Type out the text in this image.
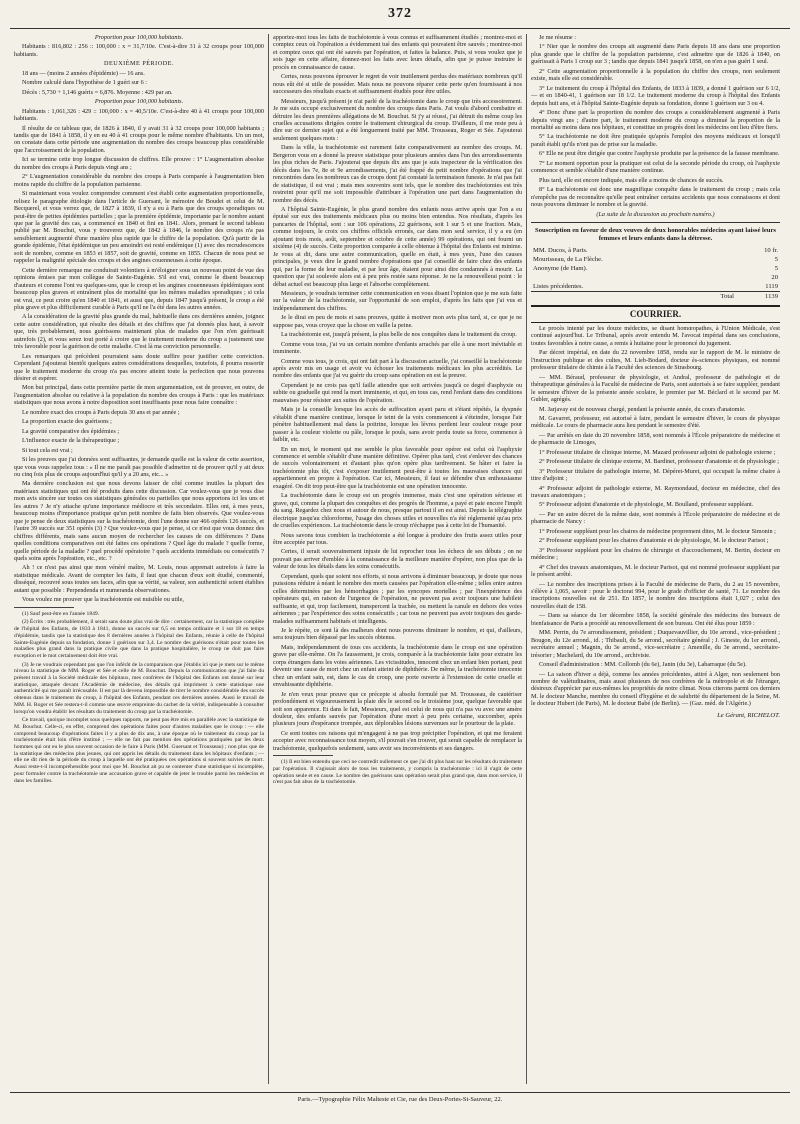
372

Proportion pour 100,000 habitants.

Habitants : 816,802 : 256 :: 100,000 : x = 31,7/10e. C'est-à-dire 31 à 32 croups pour 100,000 habitants.

DEUXIÈME PÉRIODE.

18 ans — (moins 2 années d'épidémie) — 16 ans.

Nombre calculé dans l'hypothèse de 1 guéri sur 6 :

Décès : 5,730 + 1,146 guéris = 6,876. Moyenne : 429 par an.

Proportion pour 100,000 habitants.

Habitants : 1,061,326 : 429 :: 100,000 : x = 40,5/10e. C'est-à-dire 40 à 41 croups pour 100,000 habitants.

Il résulte de ce tableau que, de 1826 à 1840, il y avait 31 à 32 croups pour 100,000 habitants ; tandis que de 1841 à 1858, il y en eu 40 à 41 croups pour le même nombre d'habitants. Un un mot, on constate dans cette période une augmentation du nombre des croups beaucoup plus considérable que l'accroissement de la population.

Ici se termine cette trop longue discussion de chiffres. Elle prouve : 1° L'augmentation absolue du nombre des croups à Paris depuis vingt ans ;

2° L'augmentation considérable du nombre des croups à Paris comparée à l'augmentation bien moins rapide du chiffre de la population parisienne.

Si maintenant vous voulez comprendre comment s'est établi cette augmentation proportionnelle, relisez le paragraphe étiologie dans l'article de Guersant, le mémoire de Boudet et celui de M. Becquerel, et vous verrez que, de 1827 à 1839, il n'y a eu à Paris que des croups sporadiques ou peut-être de petites épidémies partielles ; que la première épidémie, importante par le nombre autant que par la gravité des cas, a commencé en 1840 et fini en 1841. Alors, prenant le second tableau publié par M. Bouchut, vous y trouverez que, de 1842 à 1846, le nombre des croups n'a pas sensiblement augmenté d'une manière plus rapide que le chiffre de la population. Qu'à partir de la grande épidémie, l'état épidémique un peu amoindri est resté endémique (1) avec des recrudescences soit de nombre, comme en 1853 et 1857, soit de gravité, comme en 1855. Chacun de nous peut se rappeler la malignité spéciale des croups et des angines couenneuses à cette époque.

Cette dernière remarque me conduirait volontiers à m'éloigner sous un nouveau point de vue des opinions émises par mon collègue de Sainte-Eugénie. S'il est vrai, comme le disent beaucoup d'auteurs et comme l'ont vu quelques-uns, que le croup et les angines couenneuses épidémiques sont beaucoup plus graves et entraînent plus de mortalité que les mêmes maladies sporadiques ; si cela est vrai, ce peut croire qu'en 1840 et 1841, et aussi que, depuis 1847 jusqu'à présent, le croup a été plus grave et plus difficilement curable à Paris qu'il ne l'a été dans les autres années.

A la considération de la gravité plus grande du mal, habituelle dans ces dernières années, joignez cette autre considération, qui résulte des détails et des chiffres que j'ai donnés plus haut, à savoir que, très probablement, nous guérissons maintenant plus de malades que l'on n'en guérissait autrefois (2), et vous serez tout porté à croire que le traitement moderne du croup a justement une très favorable pour la guérison de cette maladie. C'est là ma conviction personnelle.

Les remarques qui précèdent pourraient sans doute suffire pour justifier cette conviction. Cependant j'ajouterai bientôt quelques autres considérations desquelles, toutefois, il pourra ressortir que le traitement moderne du croup n'a pas encore atteint toute la perfection que nous pouvons désirer et espérer.

Mon but principal, dans cette première partie de mon argumentation, est de prouver, en outre, de l'augmentation absolue ou relative à la population du nombre des croups à Paris : que les matériaux statistiques que nous avons à notre disposition sont insuffisants pour nous faire connaître :

Le nombre exact des croups à Paris depuis 30 ans et par année ;

La proportion exacte des guérisons ;

La gravité comparative des épidémies ;

L'influence exacte de la thérapeutique ;

Si tout cela est vrai ;

Si les preuves que j'ai données sont suffisantes, je demande quelle est la valeur de cette assertion, que vous vous rappelez tous : « Il ne me paraît pas possible d'admettre ni de prouver qu'il y ait deux ou cinq fois plus de croups aujourd'hui qu'il y a 20 ans, etc... »

Ma dernière conclusion est que nous devons laisser de côté comme inutiles la plupart des matériaux statistiques qui ont été produits dans cette discussion. Car voulez-vous que je vous dise mon avis sincère sur toutes ces statistiques générales ou partielles que nous apportons ici les uns et les autres ? Je n'y attache qu'une importance médiocre et très secondaire. Elles ont, à mes yeux, beaucoup moins d'importance pratique qu'un petit nombre de faits bien observés. Que voulez-vous que je pense de deux statistiques sur la trachéotomie, dont l'une donne sur 466 opérés 126 succès, et l'autre 39 succès sur 351 opérés (3) ? Que voulez-vous que je pense, si ce n'est que vous donnez des chiffres différents, mais sans aucun moyen de rechercher les causes de ces différences ? Dans quelles conditions comparatives ont été faites ces opérations ? Quel âge du malade ? quelle forme, quelle période de la maladie ? quel procédé opératoire ? quels accidents immédiats ou consécutifs ? quels soins après l'opération, etc., etc. ?

Ah ! ce n'est pas ainsi que mon vénéré maître, M. Louis, nous apprenait autrefois à faire la statistique médicale. Avant de compter les faits, il faut que chacun d'eux soit étudié, commenté, disséqué, recouvré sous toutes ses faces, afin que sa vérité, sa valeur, son authenticité soient établies autant que possible : Perpendenda et numeranda observationes.

Vous voulez me prouver que la trachéotomie est nuisible ou utile,

(1) Sauf peut-être en l'année 1849.

(2) Écrits : très probablement, il serait sans doute plus vrai de dire : certainement, car la statistique complète de l'hôpital des Enfants, de 1833 à 1841, donne un succès sur 6,5 en temps ordinaire et 1 sur 18 en temps d'épidémie, tandis que la statistique des 8 dernières années à l'hôpital des Enfants, réunie à celle de l'hôpital Sainte-Eugénie depuis sa fondation, donne 1 guérison sur 3,4. Le nombre des guérisons n'était pour toutes les maladies plus grand dans la pratique civile que dans la pratique hospitalière, le croup ne doit pas faire exception et le mot certainement doit être vrai.

(3) Je ne voudrais cependant pas que l'on inférât de la comparaison que j'établis ici que je mets sur le même niveau la statistique de MM. Roger et Sée et celle de M. Bouchut. Depuis la communication que j'ai faite du présent travail à la Société médicale des hôpitaux, mes confrères de l'hôpital des Enfants ont donné sur leur statistique, attaquée devant l'Académie de médecine, des détails qui impriment à cette statistique une authenticité qui me paraît irrécusable. Il est par là devenu impossible de tirer le nombre considérable des succès obtenus dans le traitement du croup, à l'hôpital des Enfants, pendant ces dernières années. Aussi le travail de MM. H. Roger et Sée restera-t-il comme une œuvre empreinte du cachet de la vérité, indispensable à consulter lorsqu'on voudra établir les résultats du traitement du croup par la trachéotomie.

Ce travail, quoique incomplet sous quelques rapports, ne peut pas être mis en parallèle avec la statistique de M. Bouchut. Celle-ci, en effet, comprend des opérations faites pour d'autres maladies que le croup : — elle comprend beaucoup d'opérations faites il y a plus de dix ans, à une époque où le traitement du croup par la trachéotomie était loin d'être institué ; — elle ne fait pas mention des opérations pratiquées par les deux hommes qui ont eu le plus souvent occasion de le faire à Paris (MM. Guersant et Trousseau) ; non plus que de la statistique des médecins plus jeunes, qui ont appris les détails du traitement dans les hôpitaux d'enfants ; — elle ne dit rien de la période du croup à laquelle ont été pratiquées ces opérations si souvent suivies de mort. Aussi reste-t-il incompréhensible pour moi que M. Bouchut ait pu se contenter d'une statistique si incomplète, pour formuler contre la trachéotomie une accusation grave et capable de jeter le trouble parmi les médecins et dans les familles.

apportez-moi tous les faits de trachéotomie à vous connus et suffisamment étudiés ; montrez-moi et comptez ceux où l'opération a évidemment tué des enfants qui pouvaient être sauvés ; montrez-moi et comptez ceux qui ont été sauvés par l'opération, et faites la balance. Puis, si vous voulez que je sois juge en cette affaire, donnez-moi les faits avec leurs détails, afin que je puisse instruire le procès en connaissance de cause.

Certes, nous pouvons éprouver le regret de voir inutilement perdus des matériaux nombreux qu'il nous eût été si utile de posséder. Mais nous ne pouvons réparer cette perte qu'en fournissant à nos successeurs des résultats exacts et suffisamment étudiés pour être utiles.

Messieurs, jusqu'à présent je n'ai parlé de la trachéotomie dans le croup que très accessoirement. Je me suis occupé exclusivement du nombre des croups dans Paris. J'ai voulu d'abord combattre et détruire les deux premières allégations de M. Bouchut. Si j'y ai réussi, j'ai détruit du même coup les cruelles accusations dirigées contre le traitement chirurgical du croup. D'ailleurs, il me reste peu à dire sur ce dernier sujet qui a été longuement traité par MM. Trousseau, Roger et Sée. J'ajouterai seulement quelques mots :

Dans la ville, la trachéotomie est rarement faite comparativement au nombre des croups. M. Bergeron vous en a donné la preuve statistique pour plusieurs années dans l'un des arrondissements les plus riches de Paris. J'ajouterai que depuis dix ans que je suis inspecteur de la vérification des décès dans les 7e, 8e et 9e arrondissements, j'ai été frappé du petit nombre d'opérations que j'ai rencontrées dans les nombreux cas de croups dont j'ai constaté la terminaison funeste. Je n'ai pas fait de statistique, il est vrai ; mais mes souvenirs sont tels, que le nombre des trachéotomies est très restreint pour qu'il me soit impossible d'attribuer à l'opération une part dans l'augmentation du nombre des décès.

A l'hôpital Sainte-Eugénie, le plus grand nombre des enfants nous arrive après que l'on a eu épuisé sur eux des traitements médicaux plus ou moins bien entendus. Nos résultats, d'après les pancartes de l'hôpital, sont : sur 106 opérations, 22 guérisons, soit 1 sur 5 et une fraction. Mais, comme toujours, le croix ces chiffres officiels erronés, car dans mon seul service, il y a eu (en ajoutant trois mois, août, septembre et octobre de cette année) 99 opérations, qui ont fourni un sixième (4) de succès. Cette proportion comparée à celle obtenue à l'hôpital des Enfants est minime. Je vous ai dit, dans une autre communication, quelle en était, à mes yeux, l'une des causes principales, je veux dire le grand nombre d'opérations que j'ai conseillé de faire chez des enfants qui, par la forme de leur maladie, et par leur âge, étaient pour ainsi dire condamnés à mourir. La question que j'ai soulevée alors est à peu près restée sans réponse. Je ne la renouvellerai point : le débat actuel est beaucoup plus large et l'absorbe complètement.

Messieurs, je voudrais terminer cette communication en vous disant l'opinion que je me suis faite sur la valeur de la trachéotomie, sur l'opportunité de son emploi, d'après les faits que j'ai vus et indépendamment des chiffres.

Je le dirai en peu de mots et sans preuves, quitte à motiver mon avis plus tard, si, ce que je ne suppose pas, vous croyez que la chose en vaille la peine.

La trachéotomie est, jusqu'à présent, la plus belle de nos conquêtes dans le traitement du croup.

Comme vous tous, j'ai vu un certain nombre d'enfants arrachés par elle à une mort inévitable et imminente.

Comme vous tous, je crois, qui ont fait part à la discussion actuelle, j'ai conseillé la trachéotomie après avoir mis en usage et avoir vu échouer les traitements médicaux les plus accrédités. Le nombre des enfants que j'ai vu guérir du croup sans opération en est la preuve.

Cependant je ne crois pas qu'il faille attendre que soit arrivées jusqu'à ce degré d'asphyxie ou subite ou graduelle qui rend la mort imminente, et qui, en tous cas, rend l'enfant dans des conditions mauvaises pour résister aux suites de l'opération.

Mais je la conseille lorsque les accès de suffocation ayant paru et s'étant répétés, la dyspnée s'établit d'une manière continue, lorsque le teint de la voix commencent à s'éteindre, lorsque l'air pénètre habituellement mal dans la poitrine, lorsque les lèvres perdent leur couleur rouge pour passer à la couleur violette ou pâle, lorsque le pouls, sans avoir perdu toute sa force, commence à faiblir, etc.

En un mot, le moment qui me semble le plus favorable pour opérer est celui où l'asphyxie commence et semble s'établir d'une manière définitive. Opérer plus tard, c'est s'enlever des chances de succès volontairement et d'autant plus qu'on opère plus tardivement. Se hâter et faire la trachéotomie plus tôt, c'est s'exposer inutilement peut-être à toutes les mauvaises chances qui appartiennent en propre à l'opération. Car ici, Messieurs, il faut se défendre d'un enthousiasme exagéré. On dit trop peut-être que la trachéotomie est une opération innocente.

La trachéotomie dans le croup est un progrès immense, mais c'est une opération sérieuse et grave, qui, comme la plupart des conquêtes et des progrès de l'homme, a payé et paie encore l'impôt du sang. Regardez chez nous et autour de nous, presque partout il en est ainsi. Depuis la télégraphie électrique jusqu'au chloroforme, l'usage des choses utiles et nouvelles n'a été réglementé qu'au prix de cruelles expériences. La trachéotomie dans le croup n'échappe pas à cette loi de l'humanité.

Nous savons tous combien la trachéotomie a été longue à produire des fruits assez utiles pour être acceptée par tous.

Certes, il serait souverainement injuste de lui reprocher tous les échecs de ses débuts ; on ne pouvait pas arriver d'emblée à la connaissance de la meilleure manière d'opérer, non plus que de la valeur de tous les détails dans les soins consécutifs.

Cependant, quels que soient nos efforts, si nous arrivons à diminuer beaucoup, je doute que nous puissions réduire à néant le nombre des morts causées par l'opération elle-même ; telles entre autres celles déterminées par les hémorrhagies ; par les syncopes mortelles ; par l'inexpérience des opérateurs qui, en raison de l'urgence de l'opération, ne peuvent pas avoir toujours une habileté suffisante, et qui, trop facilement, transpercent la trachée, ou mettent la canule en dehors des voies aériennes ; par l'expérience des soins consécutifs ; car tous ne peuvent pas avoir toujours des garde-malades suffisamment habitués et intelligents.

Je le répète, ce sont là des malheurs dont nous pouvons diminuer le nombre, et qui, d'ailleurs, sera toujours bien dépassé par les succès obtenus.

Mais, indépendamment de tous ces accidents, la trachéotomie dans le croup est une opération grave par elle-même. On l'a faussement, je crois, comparée à la trachéotomie faite pour extraire les corps étrangers dans les voies aériennes. Les vicissitudes, innocent chez un enfant bien portant, peut devenir une cause de mort chez un enfant atteint de diphthérie. De même, la trachéotomie innocente chez un enfant sain, est, dans le cas de croup, une porte ouverte à l'extension de cette cruelle et envahissante diphthérie.

Je n'en veux pour preuve que ce précepte si absolu formulé par M. Trousseau, de cautériser profondément et vigoureusement la plaie dès le second ou le troisième jour, quelque favorable que soit son apparence. Et dans le fait, Messieurs, quel est celui de nous qui n'a pas vu avec une amère douleur, des enfants sauvés par l'opération d'une mort à peu près certaine, succomber, après plusieurs jours d'espérance trompée, aux déplorables lésions survenues sur le pourtour de la plaie.

Ce sont toutes ces raisons qui m'engagent à ne pas trop précipiter l'opération, et qui me feraient accepter avec reconnaissance tout moyen, s'il pouvait s'en trouver, qui serait capable de remplacer la trachéotomie, quelquefois seulement, sans avoir ses inconvénients et ses dangers.

(1) Il est bien entendu que ceci ne contredit nullement ce que j'ai dit plus haut sur les résultats du traitement par l'opération. Il s'agissait alors de tous les traitements, y compris la trachéotomie : ici il s'agit de cette opération seule et en cause. Le nombre des guérisons sans opération serait plus grand que, dans mon service, il n'est pas fait abus de la trachéotomie.

Je me résume :

1° Nier que le nombre des croups ait augmenté dans Paris depuis 18 ans dans une proportion plus grande que le chiffre de la population parisienne, c'est admettre que de 1826 à 1840, on guérissait à Paris 1 croup sur 3 ; tandis que depuis 1841 jusqu'à 1858, on n'en a pas guéri 1 seul.

2° Cette augmentation proportionnelle à la population du chiffre des croups, non seulement existe, mais elle est considérable.

3° Le traitement du croup à l'hôpital des Enfants, de 1833 à 1839, a donné 1 guérison sur 6 1/2, — et en 1840-41, 1 guérison sur 18 1/2. Le traitement moderne du croup à l'hôpital des Enfants depuis huit ans, et à l'hôpital Sainte-Eugénie depuis sa fondation, donne 1 guérison sur 3 ou 4.

4° Donc d'une part la proportion du nombre des croups a considérablement augmenté à Paris depuis vingt ans ; d'autre part, le traitement moderne du croup a diminué la proportion de la mortalité au moins dans nos hôpitaux, et constitue un progrès dont les médecins ont lieu d'être fiers.

5° La trachéotomie ne doit être pratiquée qu'après l'emploi des moyens médicaux et lorsqu'il paraît établi qu'ils n'ont pas de prise sur la maladie.

6° Elle ne peut être dirigée que contre l'asphyxie produite par la présence de la fausse membrane.

7° Le moment opportun pour la pratiquer est celui de la seconde période du croup, où l'asphyxie commence et semble s'établir d'une manière continue.

Plus tard, elle est encore indiquée, mais elle a moins de chances de succès.

8° La trachéotomie est donc une magnifique conquête dans le traitement du croup ; mais cela n'empêche pas de reconnaître qu'elle peut entraîner certains accidents que nous connaissons et dont nous pouvons diminuer le nombre et la gravité.

(La suite de la discussion au prochain numéro.)

Souscription en faveur de deux veuves de deux honorables médecins ayant laissé leurs femmes et leurs enfants dans la détresse.
MM. Ducos, à Paris.	10 fr.
Mourisseau, de La Flèche.	5
Anonyme (de Ham).	5
	20
Listes précédentes.	1119
Total	1139
COURRIER.

Le procès intenté par les douze médecins, se disant homœopathes, à l'Union Médicale, s'est continué aujourd'hui. Le Tribunal, après avoir entendu M. l'avocat impérial dans ses conclusions, toutes favorables à notre cause, a remis à huitaine pour le prononcé du jugement.

Par décret impérial, en date du 22 novembre 1858, rendu sur le rapport de M. le ministre de l'instruction publique et des cultes, M. Lieb-Bodard, docteur ès-sciences physiques, est nommé professeur titulaire de chimie à la Faculté des sciences de Strasbourg.

— MM. Béraud, professeur de physiologie, et Andral, professeur de pathologie et de thérapeutique générales à la Faculté de médecine de Paris, sont autorisés à se faire suppléer, pendant le semestre d'hiver de la présente année scolaire, le premier par M. Béclard et le second par M. Gubler, agrégés.

M. Jarjavay est de nouveau chargé, pendant la présente année, du cours d'anatomie.

M. Gavarret, professeur, est autorisé à faire, pendant le semestre d'hiver, le cours de physique médicale. Le cours de pharmacie aura lieu pendant le semestre d'été.

— Par arrêtés en date du 20 novembre 1858, sont nommés à l'École préparatoire de médecine et de pharmacie de Limoges,

1° Professeur titulaire de clinique interne, M. Mazard professeur adjoint de pathologie externe ;

2° Professeur titulaire de clinique externe, M. Bardinet, professeur d'anatomie et de physiologie ;

3° Professeur titulaire de pathologie interne, M. Dépéret-Muret, qui occupait la même chaire à titre d'adjoint ;

4° Professeur adjoint de pathologie externe, M. Raymondaud, docteur en médecine, chef des travaux anatomiques ;

5° Professeur adjoint d'anatomie et de physiologie, M. Boulland, professeur suppléant.

— Par un autre décret de la même date, sont nommés à l'École préparatoire de médecine et de pharmacie de Nancy :

1° Professeur suppléant pour les chaires de médecine proprement dites, M. le docteur Simonin ;

2° Professeur suppléant pour les chaires d'anatomie et de physiologie, M. le docteur Parisot ;

3° Professeur suppléant pour les chaires de chirurgie et d'accouchement, M. Bertin, docteur en médecine ;

4° Chef des travaux anatomiques, M. le docteur Parisot, qui est nommé professeur suppléant par le présent arrêté.

— Le nombre des inscriptions prises à la Faculté de médecine de Paris, du 2 au 15 novembre, s'élève à 1,065, savoir : pour le doctorat 994, pour le grade d'officier de santé, 71. Le nombre des inscriptions nouvelles est de 251. En 1857, le nombre des inscriptions était 1,027 ; celui des nouvelles était de 158.

— Dans sa séance du 1er décembre 1858, la société générale des médecins des bureaux de bienfaisance de Paris a procédé au renouvellement de son bureau. Ont été élus pour 1859 :

MM. Perrin, du 7e arrondissement, président ; Duquevauvillier, du 10e arrond., vice-président ; Bougon, du 12e arrond., id. ; Thibault, du 5e arrond., secrétaire général ; J. Gineste, du 1er arrond., secrétaire annuel ; Magnin, du 3e arrond., vice-secrétaire ; Amenille, du 3e arrond., secrétaire-trésorier ; Machelard, du 10e arrond., archiviste.

Conseil d'administration : MM. Collomb (du 6e), Janin (du 3e), Labarraque (du 5e).

— La saison d'hiver a déjà, comme les années précédentes, attiré à Alger, non seulement bon nombre de valétudinaires, mais aussi plusieurs de nos confrères de la métropole et de l'étranger, désireux d'apprécier par eux-mêmes les propriétés de notre climat. Nous citerons parmi ces derniers M. le docteur Manche, membre du conseil d'hygiène et de salubrité du département de la Seine, M. le docteur Hubert (de Paris), M. le docteur Babé (de Berlin). — (Gaz. méd. de l'Algérie.)

Le Gérant, RICHELOT.
Paris.—Typographie Félix Malteste et Cie, rue des Deux-Portes-St-Sauveur, 22.
